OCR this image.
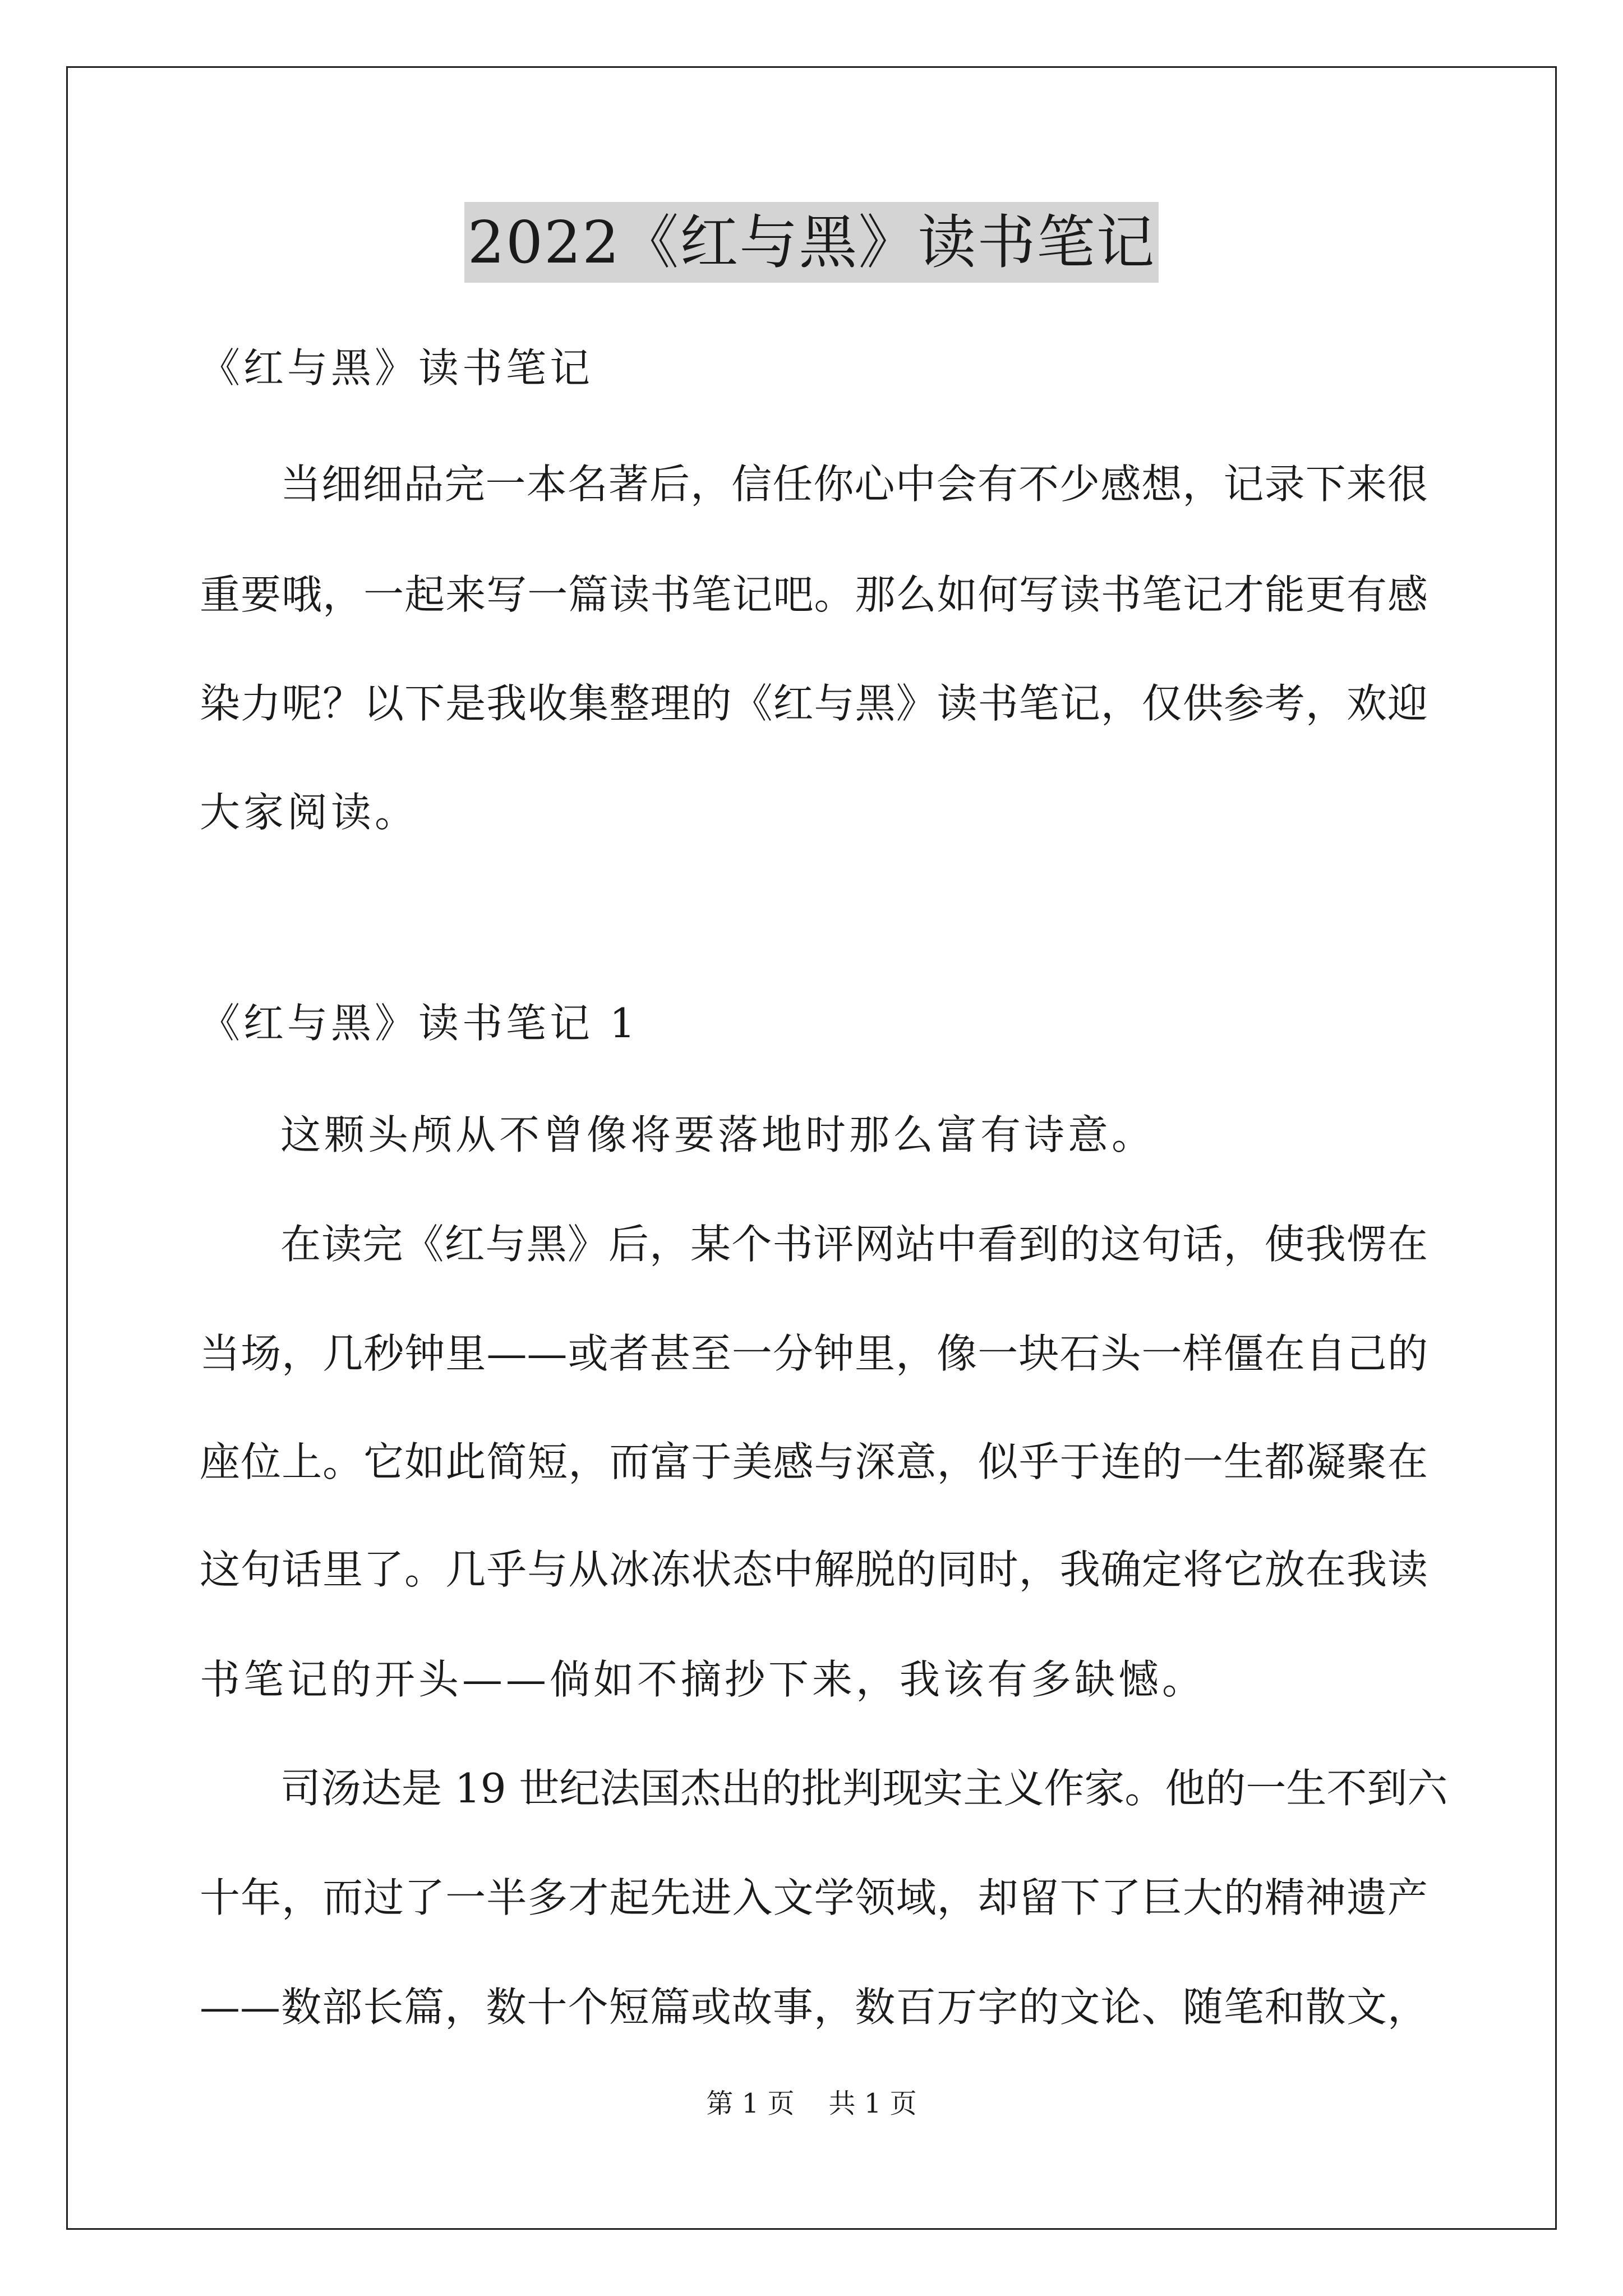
2022《红与黑》读书笔记
《红与黑》读书笔记
当细细品完一本名著后，信任你心中会有不少感想，记录下来很
重要哦，一起来写一篇读书笔记吧。那么如何写读书笔记才能更有感
染力呢？以下是我收集整理的《红与黑》读书笔记，仅供参考，欢迎
大家阅读。
《红与黑》读书笔记 1
这颗头颅从不曾像将要落地时那么富有诗意。
在读完《红与黑》后，某个书评网站中看到的这句话，使我愣在
当场，几秒钟里——或者甚至一分钟里，像一块石头一样僵在自己的
座位上。它如此简短，而富于美感与深意，似乎于连的一生都凝聚在
这句话里了。几乎与从冰冻状态中解脱的同时，我确定将它放在我读
书笔记的开头——倘如不摘抄下来，我该有多缺憾。
司汤达是 19 世纪法国杰出的批判现实主义作家。他的一生不到六
十年，而过了一半多才起先进入文学领域，却留下了巨大的精神遗产
——数部长篇，数十个短篇或故事，数百万字的文论、随笔和散文，
第 1 页    共 1 页
